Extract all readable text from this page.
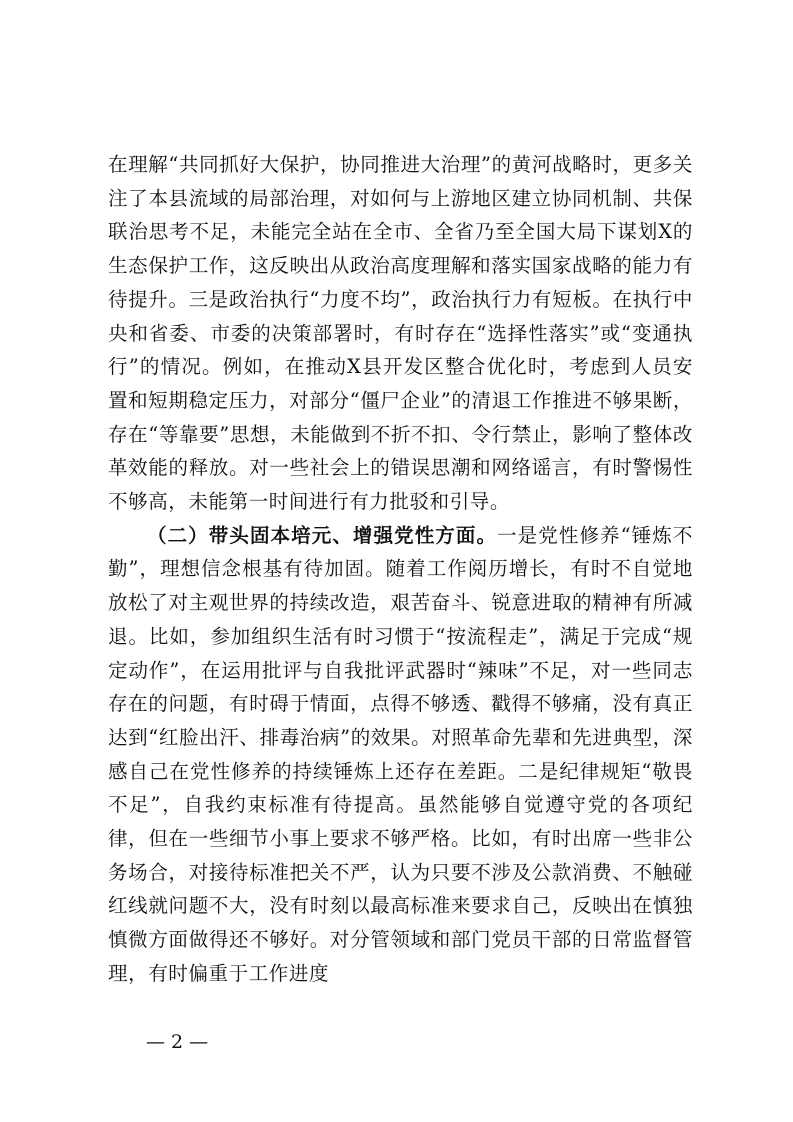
在理解“共同抓好大保护，协同推进大治理”的黄河战略时，更多关注了本县流域的局部治理，对如何与上游地区建立协同机制、共保联治思考不足，未能完全站在全市、全省乃至全国大局下谋划X的生态保护工作，这反映出从政治高度理解和落实国家战略的能力有待提升。三是政治执行“力度不均”，政治执行力有短板。在执行中央和省委、市委的决策部署时，有时存在“选择性落实”或“变通执行”的情况。例如，在推动X县开发区整合优化时，考虑到人员安置和短期稳定压力，对部分“僵尸企业”的清退工作推进不够果断，存在“等靠要”思想，未能做到不折不扣、令行禁止，影响了整体改革效能的释放。对一些社会上的错误思潮和网络谣言，有时警惕性不够高，未能第一时间进行有力批驳和引导。

（二）带头固本培元、增强党性方面。一是党性修养“锤炼不勤”，理想信念根基有待加固。随着工作阅历增长，有时不自觉地放松了对主观世界的持续改造，艰苦奋斗、锐意进取的精神有所减退。比如，参加组织生活有时习惯于“按流程走”，满足于完成“规定动作”，在运用批评与自我批评武器时“辣味”不足，对一些同志存在的问题，有时碍于情面，点得不够透、戳得不够痛，没有真正达到“红脸出汗、排毒治病”的效果。对照革命先辈和先进典型，深感自己在党性修养的持续锤炼上还存在差距。二是纪律规矩“敬畏不足”，自我约束标准有待提高。虽然能够自觉遵守党的各项纪律，但在一些细节小事上要求不够严格。比如，有时出席一些非公务场合，对接待标准把关不严，认为只要不涉及公款消费、不触碰红线就问题不大，没有时刻以最高标准来要求自己，反映出在慎独慎微方面做得还不够好。对分管领域和部门党员干部的日常监督管理，有时偏重于工作进度

— 2 —
